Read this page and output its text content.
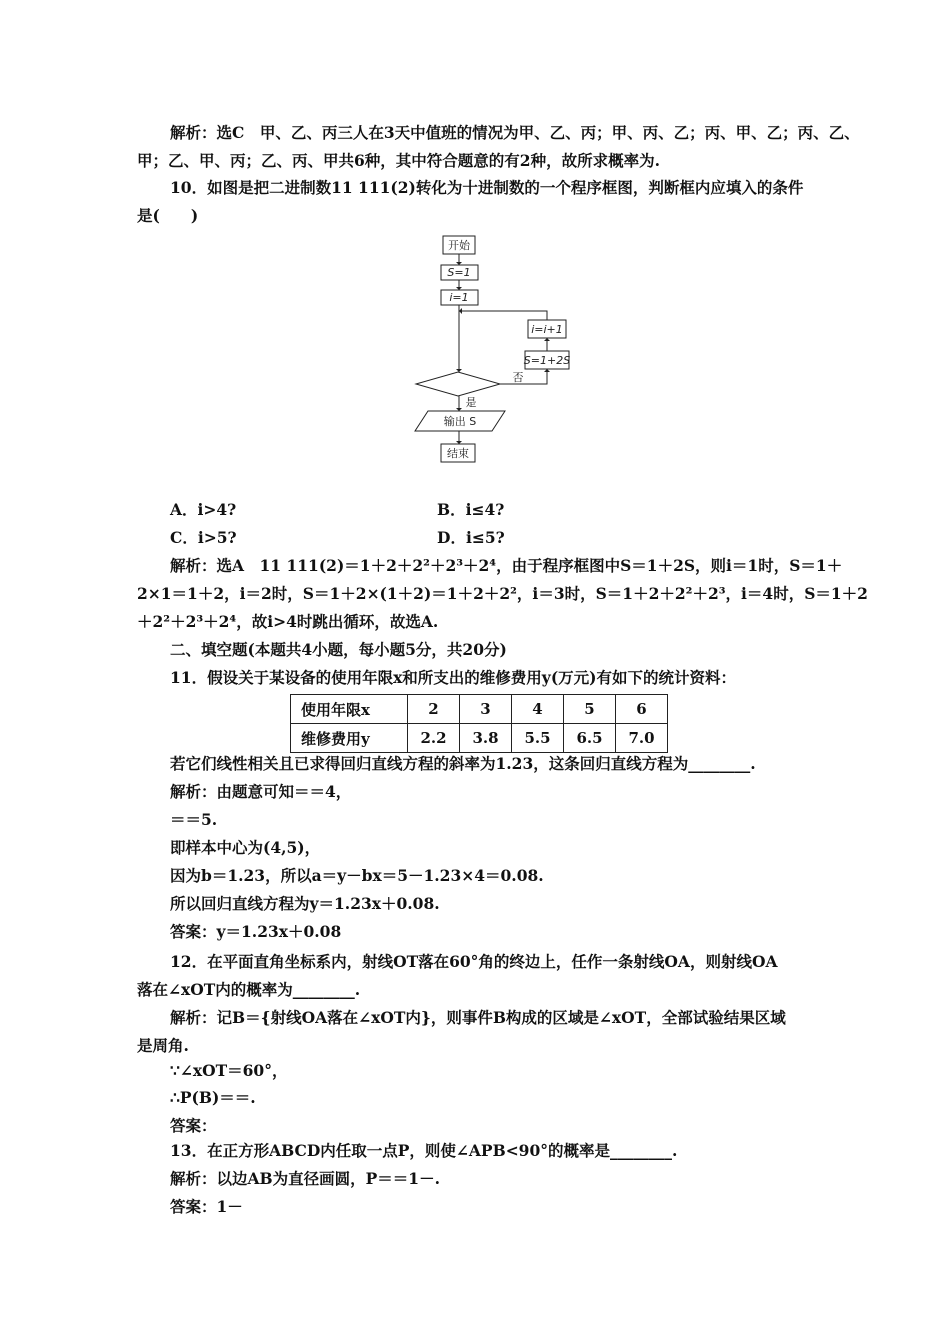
解析：选C　甲、乙、丙三人在3天中值班的情况为甲、乙、丙；甲、丙、乙；丙、甲、乙；丙、乙、
甲；乙、甲、丙；乙、丙、甲共6种，其中符合题意的有2种，故所求概率为.
10．如图是把二进制数11 111(2)转化为十进制数的一个程序框图，判断框内应填入的条件
是(　　)
开始
S=1
i=1
i=i+1
S=1+2S
否
是
输出 S
结束
A．i>4?	B．i≤4?
C．i>5?	D．i≤5?
解析：选A　11 111(2)＝1＋2＋2²＋2³＋2⁴，由于程序框图中S＝1＋2S，则i＝1时，S＝1＋
2×1＝1＋2，i＝2时，S＝1＋2×(1＋2)＝1＋2＋2²，i＝3时，S＝1＋2＋2²＋2³，i＝4时，S＝1＋2
＋2²＋2³＋2⁴，故i>4时跳出循环，故选A.
二、填空题(本题共4小题，每小题5分，共20分)
11．假设关于某设备的使用年限x和所支出的维修费用y(万元)有如下的统计资料：
使用年限x	2	3	4	5	6
维修费用y	2.2	3.8	5.5	6.5	7.0
若它们线性相关且已求得回归直线方程的斜率为1.23，这条回归直线方程为________.
解析：由题意可知＝＝4，
＝＝5.
即样本中心为(4,5)，
因为b＝1.23，所以a＝y－bx＝5－1.23×4＝0.08.
所以回归直线方程为y＝1.23x＋0.08.
答案：y＝1.23x＋0.08
12．在平面直角坐标系内，射线OT落在60°角的终边上，任作一条射线OA，则射线OA
落在∠xOT内的概率为________.
解析：记B＝{射线OA落在∠xOT内}，则事件B构成的区域是∠xOT，全部试验结果区域
是周角.
∵∠xOT＝60°，
∴P(B)＝＝.
答案：
13．在正方形ABCD内任取一点P，则使∠APB<90°的概率是________.
解析：以边AB为直径画圆，P＝＝1－.
答案：1－
